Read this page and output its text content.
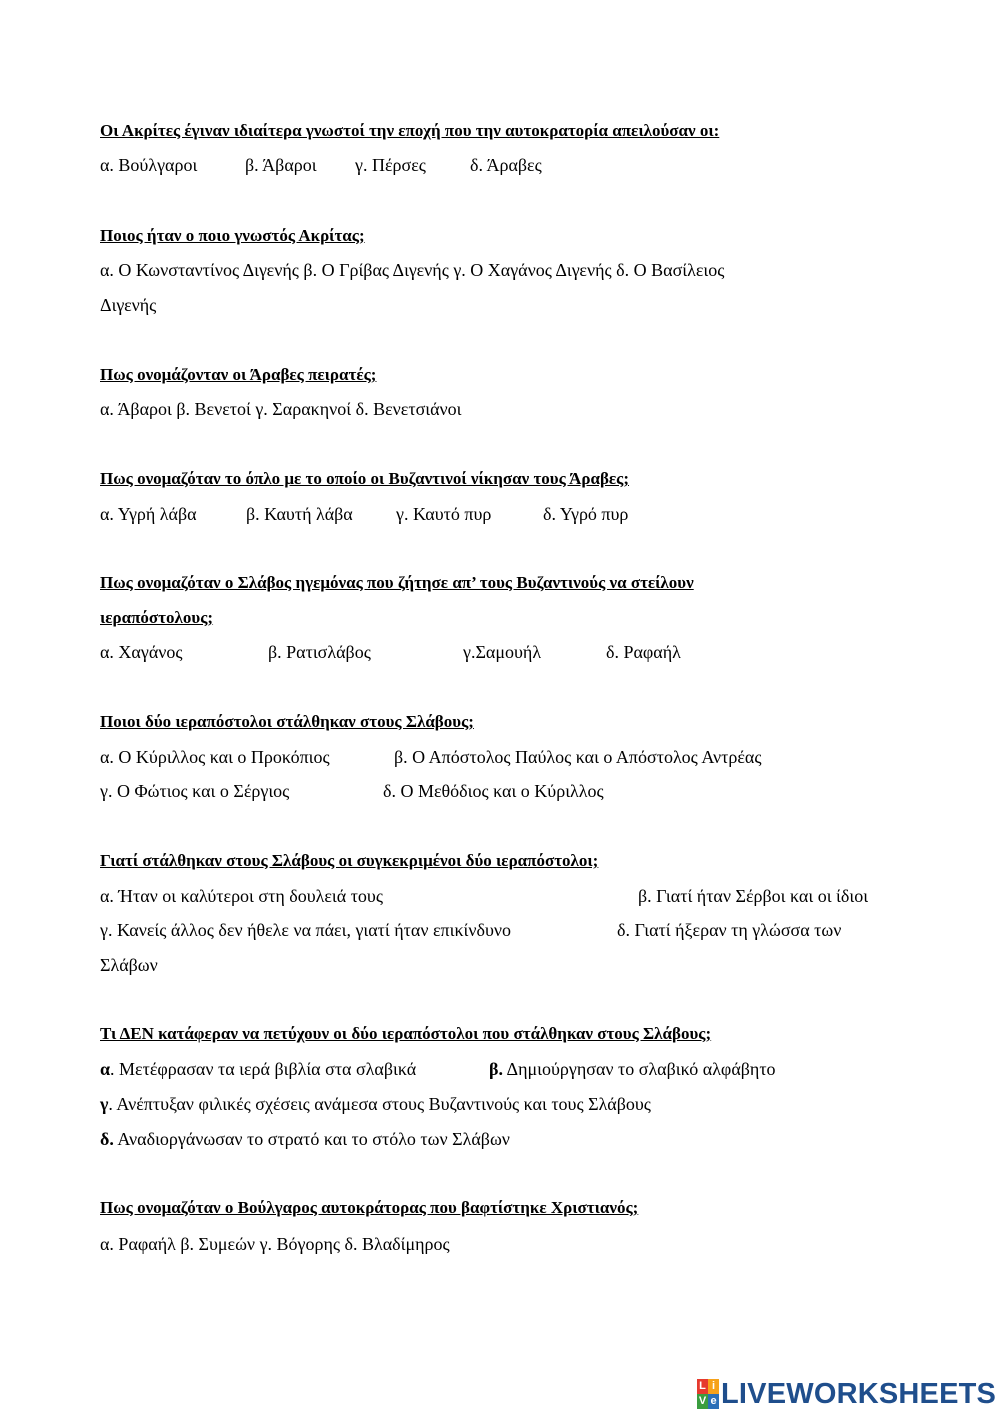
Οι Ακρίτες έγιναν ιδιαίτερα γνωστοί την εποχή που την αυτοκρατορία απειλούσαν οι:
α. Βούλγαροι	β. Άβαροι γ. Πέρσες δ. Άραβες
Ποιος ήταν ο ποιο γνωστός Ακρίτας;
α. Ο Κωνσταντίνος Διγενής β. Ο Γρίβας Διγενής γ. Ο Χαγάνος Διγενής δ. Ο Βασίλειος
Διγενής
Πως ονομάζονταν οι Άραβες πειρατές;
α. Άβαροι β. Βενετοί γ. Σαρακηνοί δ. Βενετσιάνοι
Πως ονομαζόταν το όπλο με το οποίο οι Βυζαντινοί νίκησαν τους Άραβες;
α. Υγρή λάβα	β. Καυτή λάβα γ. Καυτό πυρ	δ. Υγρό πυρ
Πως ονομαζόταν ο Σλάβος ηγεμόνας που ζήτησε απ’ τους Βυζαντινούς να στείλουν
ιεραπόστολους;
α. Χαγάνος	β. Ρατισλάβος	γ.Σαμουήλ	δ. Ραφαήλ
Ποιοι δύο ιεραπόστολοι στάλθηκαν στους Σλάβους;
α. Ο Κύριλλος και ο Προκόπιος	β. Ο Απόστολος Παύλος και ο Απόστολος Αντρέας
γ. Ο Φώτιος και ο Σέργιος	δ. Ο Μεθόδιος και ο Κύριλλος
Γιατί στάλθηκαν στους Σλάβους οι συγκεκριμένοι δύο ιεραπόστολοι;
α. Ήταν οι καλύτεροι στη δουλειά τους	β. Γιατί ήταν Σέρβοι και οι ίδιοι
γ. Κανείς άλλος δεν ήθελε να πάει, γιατί ήταν επικίνδυνο	δ. Γιατί ήξεραν τη γλώσσα των
Σλάβων
Τι ΔΕΝ κατάφεραν να πετύχουν οι δύο ιεραπόστολοι που στάλθηκαν στους Σλάβους;
α. Μετέφρασαν τα ιερά βιβλία στα σλαβικά	β. Δημιούργησαν το σλαβικό αλφάβητο
γ. Ανέπτυξαν φιλικές σχέσεις ανάμεσα στους Βυζαντινούς και τους Σλάβους
δ. Αναδιοργάνωσαν το στρατό και το στόλο των Σλάβων
Πως ονομαζόταν ο Βούλγαρος αυτοκράτορας που βαφτίστηκε Χριστιανός;
α. Ραφαήλ β. Συμεών γ. Βόγορης δ. Βλαδίμηρος
L i
V e LIVEWORKSHEETS
